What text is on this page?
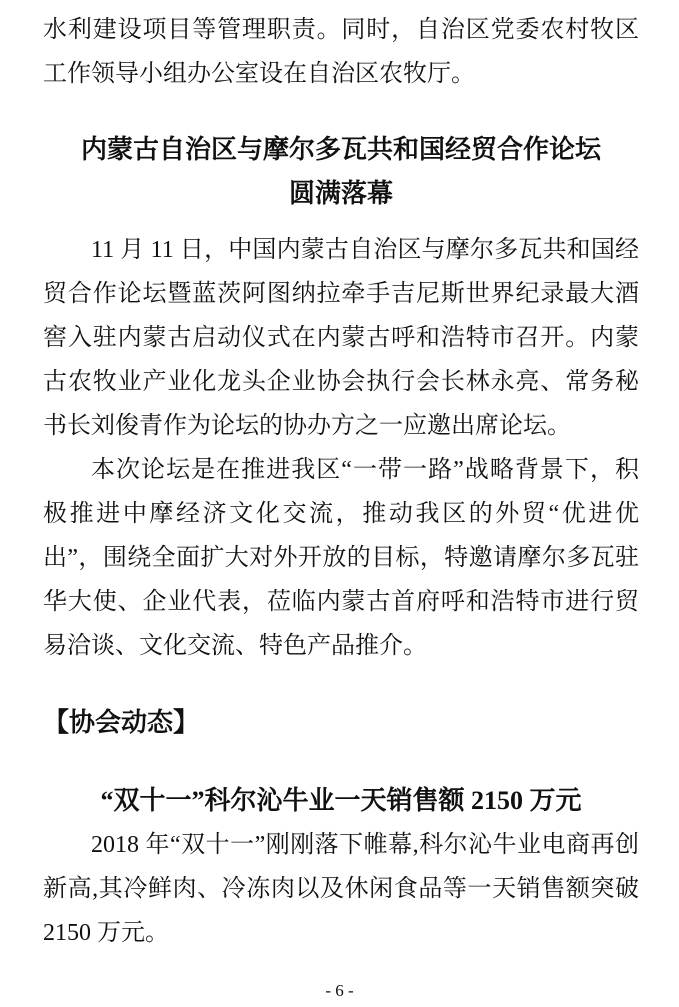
水利建设项目等管理职责。同时，自治区党委农村牧区工作领导小组办公室设在自治区农牧厅。

内蒙古自治区与摩尔多瓦共和国经贸合作论坛
圆满落幕

11 月 11 日，中国内蒙古自治区与摩尔多瓦共和国经贸合作论坛暨蓝茨阿图纳拉牵手吉尼斯世界纪录最大酒窖入驻内蒙古启动仪式在内蒙古呼和浩特市召开。内蒙古农牧业产业化龙头企业协会执行会长林永亮、常务秘书长刘俊青作为论坛的协办方之一应邀出席论坛。

本次论坛是在推进我区“一带一路”战略背景下，积极推进中摩经济文化交流，推动我区的外贸“优进优出”，围绕全面扩大对外开放的目标，特邀请摩尔多瓦驻华大使、企业代表，莅临内蒙古首府呼和浩特市进行贸易洽谈、文化交流、特色产品推介。

【协会动态】
“双十一”科尔沁牛业一天销售额 2150 万元

2018 年“双十一”刚刚落下帷幕,科尔沁牛业电商再创新高,其冷鲜肉、冷冻肉以及休闲食品等一天销售额突破 2150 万元。

- 6 -
